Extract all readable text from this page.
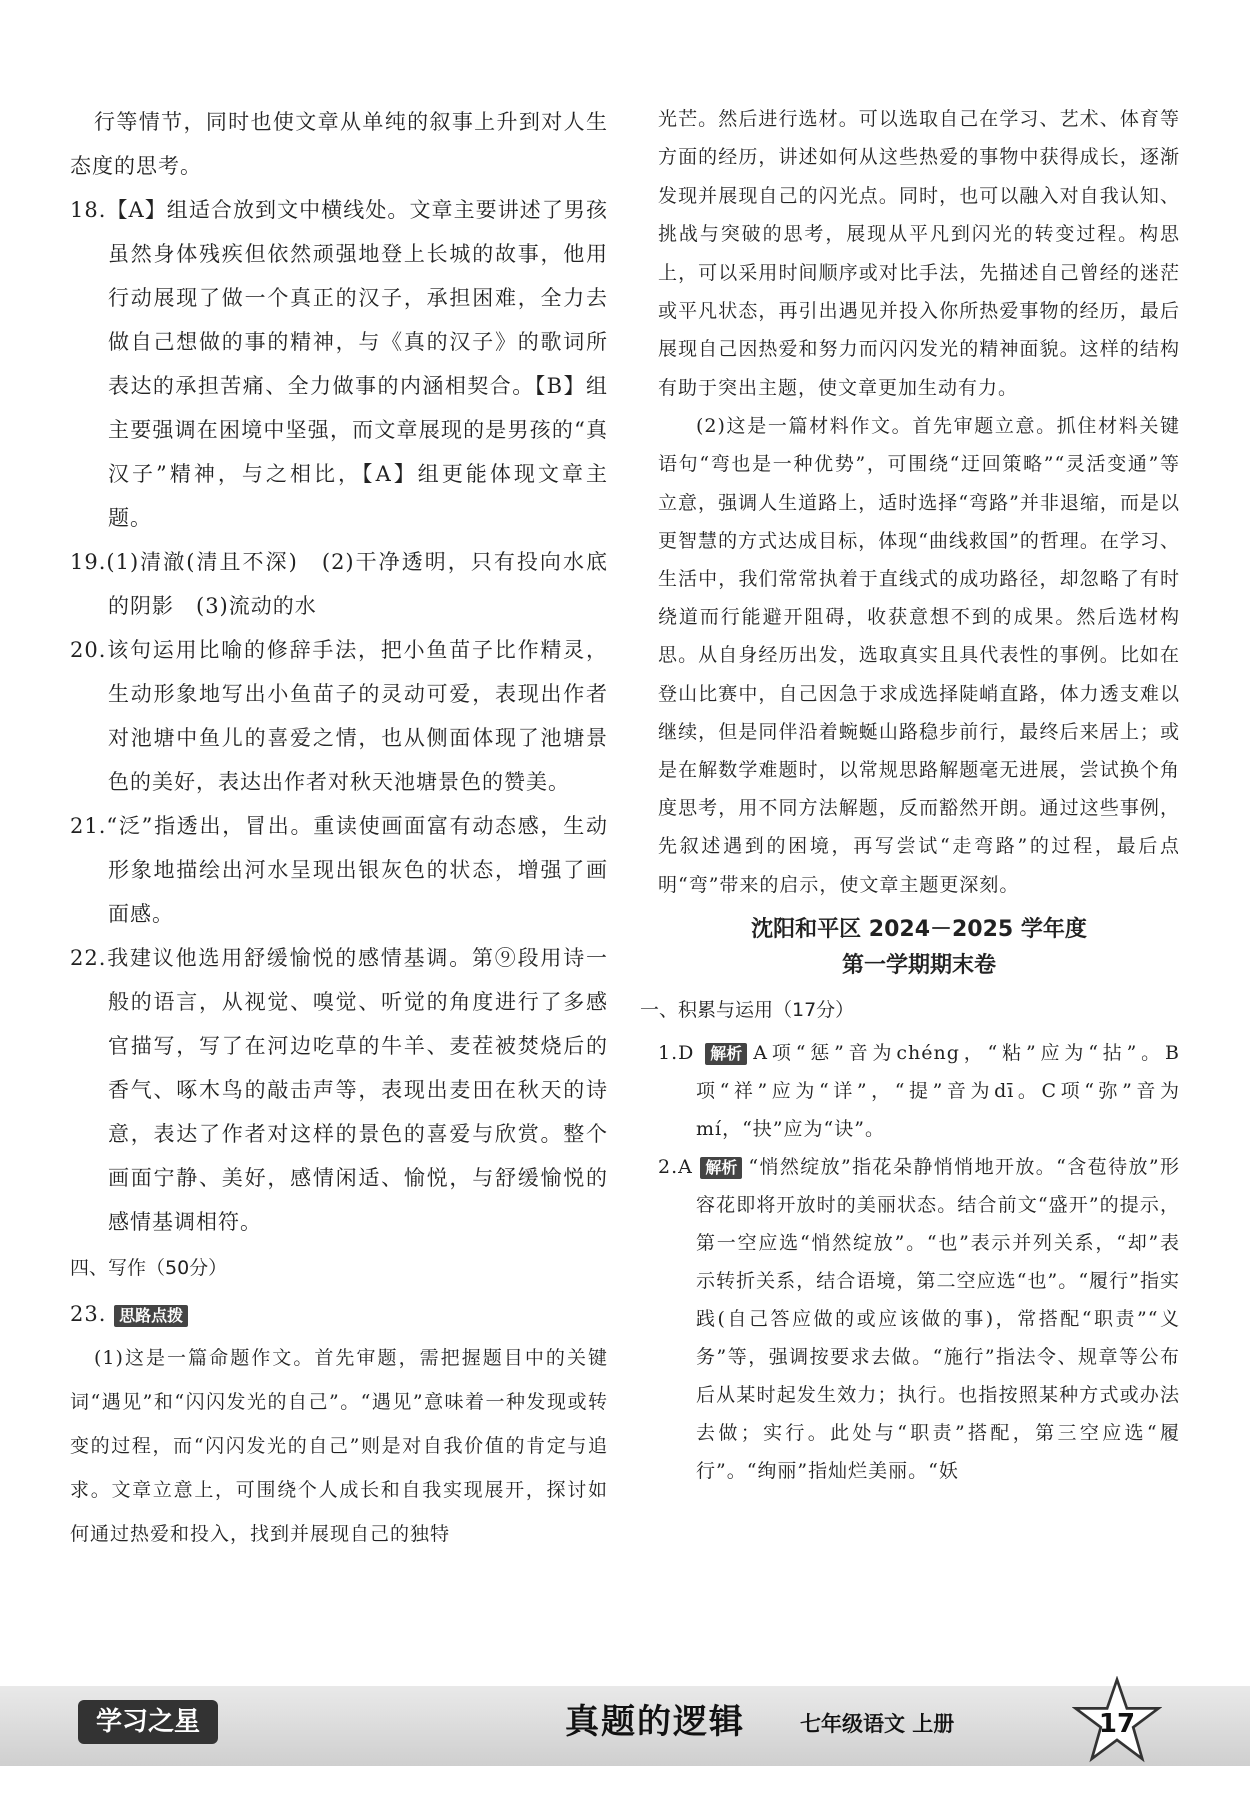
行等情节，同时也使文章从单纯的叙事上升到对人生态度的思考。

18.【A】组适合放到文中横线处。文章主要讲述了男孩虽然身体残疾但依然顽强地登上长城的故事，他用行动展现了做一个真正的汉子，承担困难，全力去做自己想做的事的精神，与《真的汉子》的歌词所表达的承担苦痛、全力做事的内涵相契合。【B】组主要强调在困境中坚强，而文章展现的是男孩的“真汉子”精神，与之相比，【A】组更能体现文章主题。

19.(1)清澈(清且不深)　(2)干净透明，只有投向水底的阴影　(3)流动的水

20.该句运用比喻的修辞手法，把小鱼苗子比作精灵，生动形象地写出小鱼苗子的灵动可爱，表现出作者对池塘中鱼儿的喜爱之情，也从侧面体现了池塘景色的美好，表达出作者对秋天池塘景色的赞美。

21.“泛”指透出，冒出。重读使画面富有动态感，生动形象地描绘出河水呈现出银灰色的状态，增强了画面感。

22.我建议他选用舒缓愉悦的感情基调。第⑨段用诗一般的语言，从视觉、嗅觉、听觉的角度进行了多感官描写，写了在河边吃草的牛羊、麦茬被焚烧后的香气、啄木鸟的敲击声等，表现出麦田在秋天的诗意，表达了作者对这样的景色的喜爱与欣赏。整个画面宁静、美好，感情闲适、愉悦，与舒缓愉悦的感情基调相符。

四、写作（50分）
23. 思路点拨

(1)这是一篇命题作文。首先审题，需把握题目中的关键词“遇见”和“闪闪发光的自己”。“遇见”意味着一种发现或转变的过程，而“闪闪发光的自己”则是对自我价值的肯定与追求。文章立意上，可围绕个人成长和自我实现展开，探讨如何通过热爱和投入，找到并展现自己的独特

光芒。然后进行选材。可以选取自己在学习、艺术、体育等方面的经历，讲述如何从这些热爱的事物中获得成长，逐渐发现并展现自己的闪光点。同时，也可以融入对自我认知、挑战与突破的思考，展现从平凡到闪光的转变过程。构思上，可以采用时间顺序或对比手法，先描述自己曾经的迷茫或平凡状态，再引出遇见并投入你所热爱事物的经历，最后展现自己因热爱和努力而闪闪发光的精神面貌。这样的结构有助于突出主题，使文章更加生动有力。

(2)这是一篇材料作文。首先审题立意。抓住材料关键语句“弯也是一种优势”，可围绕“迂回策略”“灵活变通”等立意，强调人生道路上，适时选择“弯路”并非退缩，而是以更智慧的方式达成目标，体现“曲线救国”的哲理。在学习、生活中，我们常常执着于直线式的成功路径，却忽略了有时绕道而行能避开阻碍，收获意想不到的成果。然后选材构思。从自身经历出发，选取真实且具代表性的事例。比如在登山比赛中，自己因急于求成选择陡峭直路，体力透支难以继续，但是同伴沿着蜿蜒山路稳步前行，最终后来居上；或是在解数学难题时，以常规思路解题毫无进展，尝试换个角度思考，用不同方法解题，反而豁然开朗。通过这些事例，先叙述遇到的困境，再写尝试“走弯路”的过程，最后点明“弯”带来的启示，使文章主题更深刻。

沈阳和平区 2024－2025 学年度
第一学期期末卷
一、积累与运用（17分）

1.D 解析 A项“惩”音为chéng，“粘”应为“拈”。B项“祥”应为“详”，“提”音为dī。C项“弥”音为mí，“抉”应为“诀”。

2.A 解析 “悄然绽放”指花朵静悄悄地开放。“含苞待放”形容花即将开放时的美丽状态。结合前文“盛开”的提示，第一空应选“悄然绽放”。“也”表示并列关系，“却”表示转折关系，结合语境，第二空应选“也”。“履行”指实践(自己答应做的或应该做的事)，常搭配“职责”“义务”等，强调按要求去做。“施行”指法令、规章等公布后从某时起发生效力；执行。也指按照某种方式或办法去做；实行。此处与“职责”搭配，第三空应选“履行”。“绚丽”指灿烂美丽。“妖

学习之星	真题的逻辑	七年级语文 上册	17
